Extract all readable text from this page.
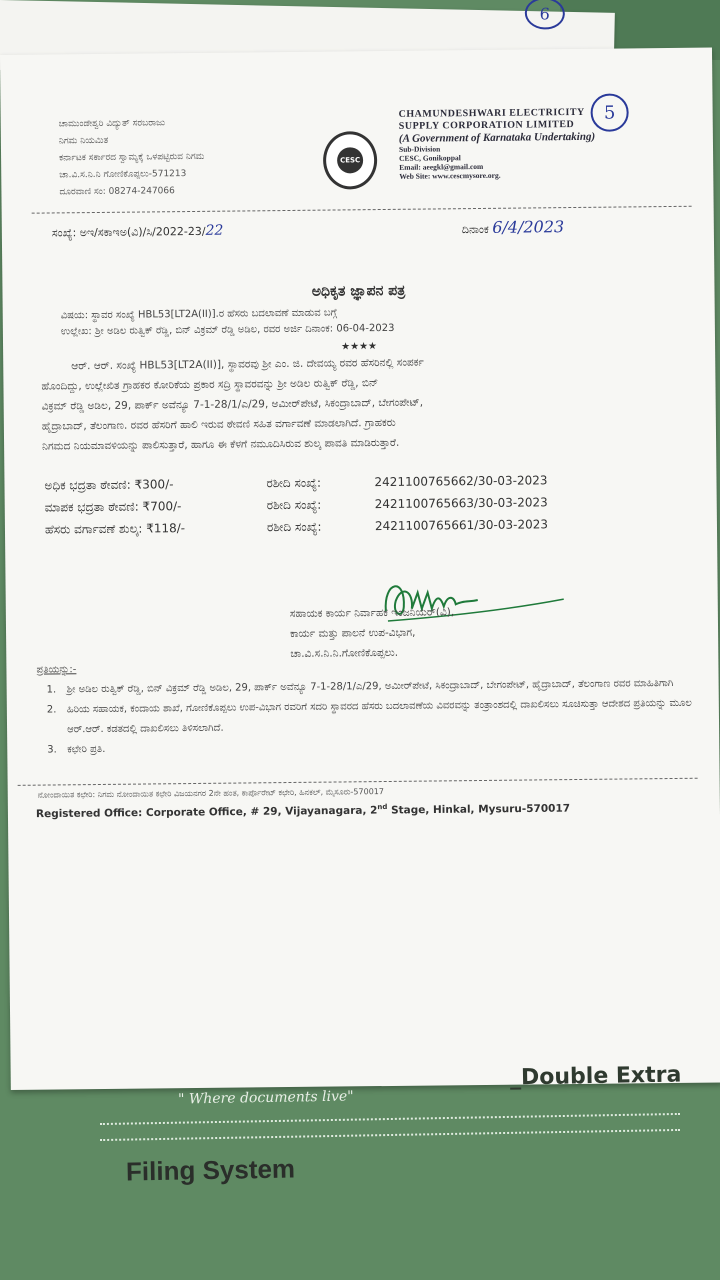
6
5
ಚಾಮುಂಡೇಶ್ವರಿ ವಿದ್ಯುತ್ ಸರಬರಾಜು
ನಿಗಮ ನಿಯಮಿತ
ಕರ್ನಾಟಕ ಸರ್ಕಾರದ ಸ್ವಾಮ್ಯಕ್ಕೆ ಒಳಪಟ್ಟಿರುವ ನಿಗಮ
ಚಾ.ವಿ.ಸ.ನಿ.ನಿ ಗೋಣಿಕೊಪ್ಪಲು-571213
ದೂರವಾಣಿ ಸಂ: 08274-247066
CESC
CHAMUNDESHWARI ELECTRICITY SUPPLY CORPORATION LIMITED
(A Government of Karnataka Undertaking)
Sub-Division
CESC, Gonikoppal
Email: aeegkl@gmail.com
Web Site: www.cescmysore.org.
ಸಂಖ್ಯೆ: ಅಇ/ಸಕಾಇಅ(ವಿ)/ಸಿ/2022-23/22	ದಿನಾಂಕ 6/4/2023
ಅಧಿಕೃತ ಜ್ಞಾಪನ ಪತ್ರ
ವಿಷಯ: ಸ್ಥಾವರ ಸಂಖ್ಯೆ HBL53[LT2A(II)].ರ ಹೆಸರು ಬದಲಾವಣೆ ಮಾಡುವ ಬಗ್ಗೆ
ಉಲ್ಲೇಖ: ಶ್ರೀ ಅಡಿಲ ರುತ್ವಿಕ್ ರೆಡ್ಡಿ, ಬಿನ್ ವಿಕ್ರಮ್ ರೆಡ್ಡಿ ಅಡಿಲ, ರವರ ಅರ್ಜಿ ದಿನಾಂಕ: 06-04-2023
★★★★
ಆರ್. ಆರ್. ಸಂಖ್ಯೆ HBL53[LT2A(II)], ಸ್ಥಾವರವು ಶ್ರೀ ಎಂ. ಜಿ. ದೇವಯ್ಯ ರವರ ಹೆಸರಿನಲ್ಲಿ ಸಂಪರ್ಕ
ಹೊಂದಿದ್ದು, ಉಲ್ಲೇಖಿತ ಗ್ರಾಹಕರ ಕೋರಿಕೆಯ ಪ್ರಕಾರ ಸದ್ರಿ ಸ್ಥಾವರವನ್ನು ಶ್ರೀ ಅಡಿಲ ರುತ್ವಿಕ್ ರೆಡ್ಡಿ, ಬಿನ್
ವಿಕ್ರಮ್ ರೆಡ್ಡಿ ಅಡಿಲ, 29, ಪಾರ್ಕ್ ಅವೆನ್ಯೂ 7-1-28/1/ಎ/29, ಅಮೀರ್‌ಪೇಟೆ, ಸಿಕಂದ್ರಾಬಾದ್, ಬೇಗಂಪೇಟ್,
ಹೈದ್ರಾಬಾದ್, ತೆಲಂಗಾಣ. ರವರ ಹೆಸರಿಗೆ ಹಾಲಿ ಇರುವ ಠೇವಣಿ ಸಹಿತ ವರ್ಗಾವಣೆ ಮಾಡಲಾಗಿದೆ. ಗ್ರಾಹಕರು
ನಿಗಮದ ನಿಯಮಾವಳಿಯನ್ನು ಪಾಲಿಸುತ್ತಾರೆ, ಹಾಗೂ ಈ ಕೆಳಗೆ ನಮೂದಿಸಿರುವ ಶುಲ್ಕ ಪಾವತಿ ಮಾಡಿರುತ್ತಾರೆ.
ಅಧಿಕ ಭದ್ರತಾ ಠೇವಣಿ: ₹300/-	ರಶೀದಿ ಸಂಖ್ಯೆ:	2421100765662/30-03-2023
ಮಾಪಕ ಭದ್ರತಾ ಠೇವಣಿ: ₹700/-	ರಶೀದಿ ಸಂಖ್ಯೆ:	2421100765663/30-03-2023
ಹೆಸರು ವರ್ಗಾವಣೆ ಶುಲ್ಕ: ₹118/-	ರಶೀದಿ ಸಂಖ್ಯೆ:	2421100765661/30-03-2023
ಸಹಾಯಕ ಕಾರ್ಯ ನಿರ್ವಾಹಕ ಇಂಜನಿಯರ್(ವಿ),
ಕಾರ್ಯ ಮತ್ತು ಪಾಲನೆ ಉಪ-ವಿಭಾಗ,
ಚಾ.ವಿ.ಸ.ನಿ.ನಿ.ಗೋಣಿಕೊಪ್ಪಲು.
ಪ್ರತಿಯನ್ನು:-
1. ಶ್ರೀ ಅಡಿಲ ರುತ್ವಿಕ್ ರೆಡ್ಡಿ, ಬಿನ್ ವಿಕ್ರಮ್ ರೆಡ್ಡಿ ಅಡಿಲ, 29, ಪಾರ್ಕ್ ಅವೆನ್ಯೂ 7-1-28/1/ಎ/29, ಅಮೀರ್‌ಪೇಟೆ, ಸಿಕಂದ್ರಾಬಾದ್, ಬೇಗಂಪೇಟ್, ಹೈದ್ರಾಬಾದ್, ತೆಲಂಗಾಣ ರವರ ಮಾಹಿತಿಗಾಗಿ
2. ಹಿರಿಯ ಸಹಾಯಕ, ಕಂದಾಯ ಶಾಖೆ, ಗೋಣಿಕೊಪ್ಪಲು ಉಪ-ವಿಭಾಗ ರವರಿಗೆ ಸದರಿ ಸ್ಥಾವರದ ಹೆಸರು ಬದಲಾವಣೆಯ ವಿವರವನ್ನು ತಂತ್ರಾಂಶದಲ್ಲಿ ದಾಖಲಿಸಲು ಸೂಚಿಸುತ್ತಾ ಆದೇಶದ ಪ್ರತಿಯನ್ನು ಮೂಲ ಆರ್.ಆರ್. ಕಡತದಲ್ಲಿ ದಾಖಲಿಸಲು ತಿಳಿಸಲಾಗಿದೆ.
3. ಕಛೇರಿ ಪ್ರತಿ.
ನೋಂದಾಯಿತ ಕಛೇರಿ: ನಿಗಮ ನೋಂದಾಯಿತ ಕಛೇರಿ ವಿಜಯನಗರ 2ನೇ ಹಂತ, ಕಾರ್ಪೊರೇಟ್ ಕಛೇರಿ, ಹಿನಕಲ್, ಮೈಸೂರು-570017
Registered Office: Corporate Office, # 29, Vijayanagara, 2nd Stage, Hinkal, Mysuru-570017
_Double Extra
" Where documents live"
Filing System
